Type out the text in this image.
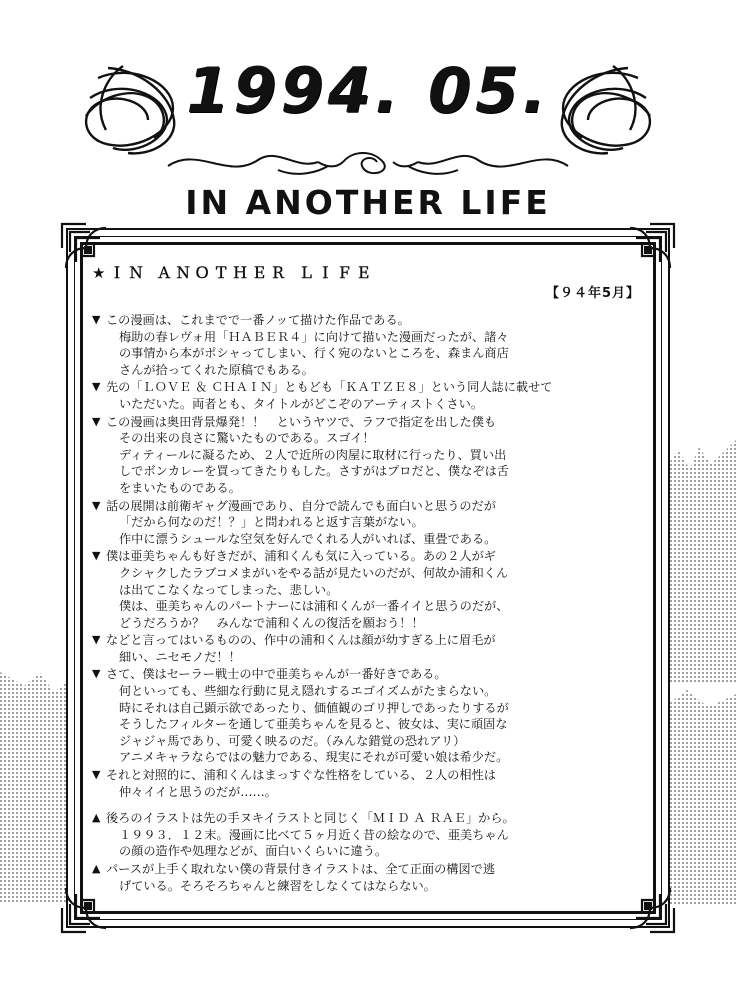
1994. 05.
IN ANOTHER LIFE
★ＩＮ ＡＮＯＴＨＥＲ ＬＩＦＥ
【９４年5月】
▼ この漫画は、これまでで一番ノッて描けた作品である。
梅助の春レヴォ用「ＨＡＢＥＲ４」に向けて描いた漫画だったが、諸々
の事情から本がポシャってしまい、行く宛のないところを、森まん商店
さんが拾ってくれた原稿でもある。
▼ 先の「ＬＯＶＥ ＆ ＣＨＡＩＮ」ともども「ＫＡＴＺＥ８」という同人誌に載せて
いただいた。両者とも、タイトルがどこぞのアーティストくさい。
▼ この漫画は奥田背景爆発！！　というヤツで、ラフで指定を出した僕も
その出来の良さに驚いたものである。スゴイ！
ディティールに凝るため、２人で近所の肉屋に取材に行ったり、買い出
しでボンカレーを買ってきたりもした。さすがはプロだと、僕なぞは舌
をまいたものである。
▼ 話の展開は前衛ギャグ漫画であり、自分で読んでも面白いと思うのだが
「だから何なのだ！？」と問われると返す言葉がない。
作中に漂うシュールな空気を好んでくれる人がいれば、重畳である。
▼ 僕は亜美ちゃんも好きだが、浦和くんも気に入っている。あの２人がギ
クシャクしたラブコメまがいをやる話が見たいのだが、何故か浦和くん
は出てこなくなってしまった、悲しい。
僕は、亜美ちゃんのパートナーには浦和くんが一番イイと思うのだが、
どうだろうか？　みんなで浦和くんの復活を願おう！！
▼ などと言ってはいるものの、作中の浦和くんは顔が幼すぎる上に眉毛が
細い、ニセモノだ！！
▼ さて、僕はセーラー戦士の中で亜美ちゃんが一番好きである。
何といっても、些細な行動に見え隠れするエゴイズムがたまらない。
時にそれは自己顕示欲であったり、価値観のゴリ押しであったりするが
そうしたフィルターを通して亜美ちゃんを見ると、彼女は、実に頑固な
ジャジャ馬であり、可愛く映るのだ。（みんな錯覚の恐れアリ）
アニメキャラならではの魅力である、現実にそれが可愛い娘は希少だ。
▼ それと対照的に、浦和くんはまっすぐな性格をしている、２人の相性は
仲々イイと思うのだが……。
▲ 後ろのイラストは先の手ヌキイラストと同じく「ＭＩＤ Ａ ＲＡＥ」から。
１９９３．１２末。漫画に比べて５ヶ月近く昔の絵なので、亜美ちゃん
の顔の造作や処理などが、面白いくらいに違う。
▲ パースが上手く取れない僕の背景付きイラストは、全て正面の構図で逃
げている。そろそろちゃんと練習をしなくてはならない。
